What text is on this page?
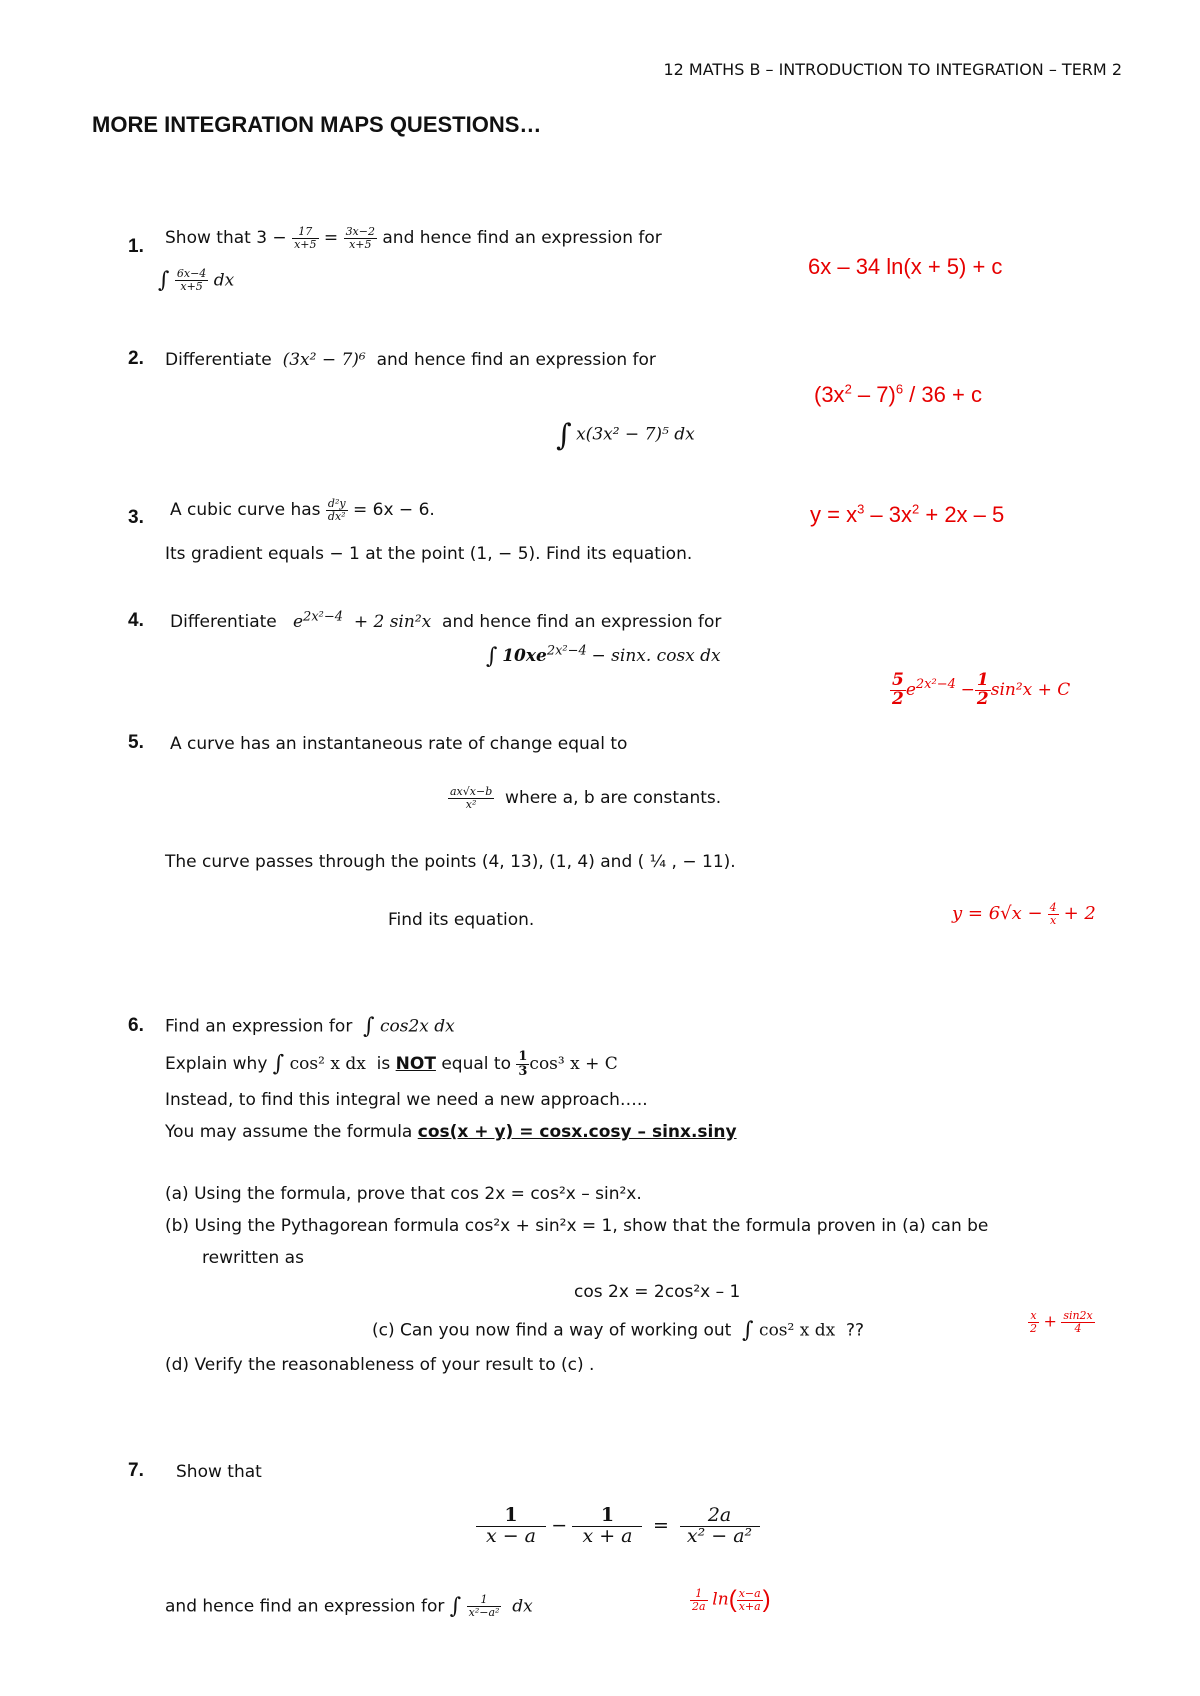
12 MATHS B – INTRODUCTION TO INTEGRATION – TERM 2
MORE INTEGRATION MAPS QUESTIONS…
1. Show that $3 - \frac{17}{x+5} = \frac{3x-2}{x+5}$ and hence find an expression for
∫ $\frac{6x-4}{x+5}$ dx
6x – 34 ln(x + 5) + c
2. Differentiate (3x² − 7)⁶ and hence find an expression for
∫ x(3x² − 7)⁵ dx
$(3x^2 - 7)^6 / 36 + c$
3. A cubic curve has $\frac{\text{d²y}}{\text{dx²}} = 6x - 6$.
Its gradient equals − 1 at the point (1, − 5). Find its equation.
$y = x^3 - 3x^2 + 2x - 5$
4. Differentiate $e^{2x^2-4} + 2$ sin²x and hence find an expression for
∫ $10xe^{2x^2-4} - \sin x$. cosx dx
$\frac{5}{2} e^{2x^2-4} - \frac{1}{2} \sin^2x + C$
5. A curve has an instantaneous rate of change equal to
$\frac{ax√x-b}{\text{x²}}$ where a, b are constants.
The curve passes through the points (4, 13), (1, 4) and ( ¼ , − 11).
Find its equation.	$y = 6√x - \frac{4}{x} + 2$
6. Find an expression for ∫ cos2x dx
Explain why ∫ cos² x dx is NOT equal to $\frac{1}{3} \cos^3$ x + C
Instead, to find this integral we need a new approach…..
You may assume the formula cos(x + y) = cosx.cosy – sinx.siny
(a) Using the formula, prove that cos 2x = cos²x – sin²x.
(b) Using the Pythagorean formula cos²x + sin²x = 1, show that the formula proven in (a) can be
rewritten as
cos 2x = 2cos²x – 1
(c) Can you now find a way of working out ∫ cos² x dx ??
(d) Verify the reasonableness of your result to (c) .
$\frac{x}{2} + \frac{\sin 2x}{4}$
7. Show that
$\frac{1}{x - a} - \frac{1}{x + a} = \frac{2a}{\text{x² − a²}}$
and hence find an expression for ∫ $\frac{1}{\text{x²−a²}}$ dx	$\frac{1}{2a} \ln( \frac{x-a}{x+a}$ )
